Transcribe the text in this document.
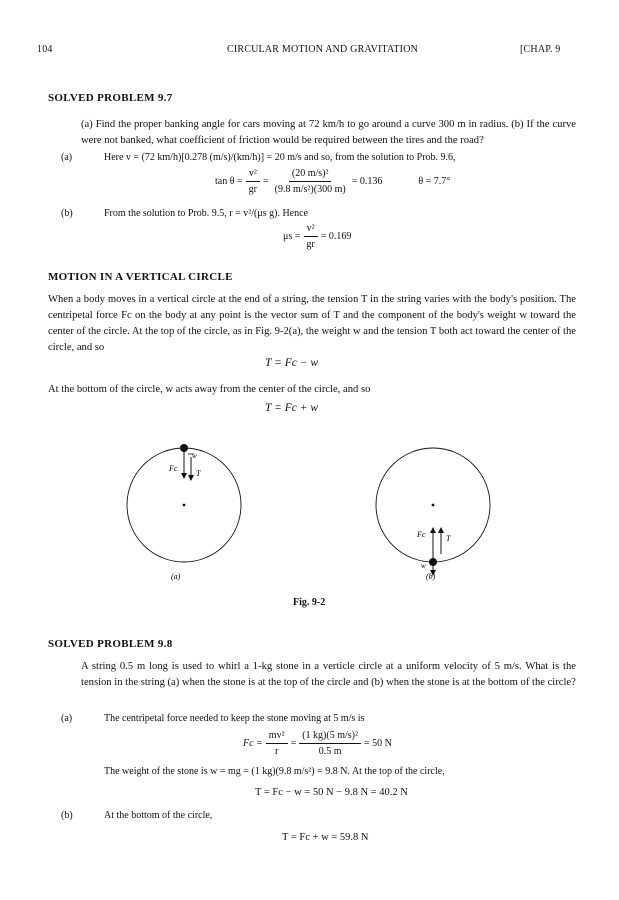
104	CIRCULAR MOTION AND GRAVITATION	[CHAP. 9
SOLVED PROBLEM 9.7
(a) Find the proper banking angle for cars moving at 72 km/h to go around a curve 300 m in radius. (b) If the curve were not banked, what coefficient of friction would be required between the tires and the road?
(a)	Here v = (72 km/h)[0.278 (m/s)/(km/h)] = 20 m/s and so, from the solution to Prob. 9.6,
$\tan \theta = \frac{\text{v²}}{gr} = \frac{\text{(20 m/s)²}}{\text{(9.8 m/s²)(300 m)}} = 0.136$	θ = 7.7°
(b)	From the solution to Prob. 9.5, r = v²/(μs g). Hence
$\mu s = \frac{\text{v²}}{gr} = 0.169$
MOTION IN A VERTICAL CIRCLE
When a body moves in a vertical circle at the end of a string, the tension T in the string varies with the body's position. The centripetal force Fc on the body at any point is the vector sum of T and the component of the body's weight w toward the center of the circle. At the top of the circle, as in Fig. 9-2(a), the weight w and the tension T both act toward the center of the circle, and so
T = Fc − w
At the bottom of the circle, w acts away from the center of the circle, and so
T = Fc + w
w
Fc
T
(a)
Fc	T
w
(b)
Fig. 9-2
SOLVED PROBLEM 9.8
A string 0.5 m long is used to whirl a 1-kg stone in a verticle circle at a uniform velocity of 5 m/s. What is the tension in the string (a) when the stone is at the top of the circle and (b) when the stone is at the bottom of the circle?
(a)	The centripetal force needed to keep the stone moving at 5 m/s is
$Fc = \frac{\text{mv²}}{r} = \frac{\text{(1 kg)(5 m/s)²}}{0.5 m} = 50$ N
The weight of the stone is w = mg = (1 kg)(9.8 m/s²) = 9.8 N. At the top of the circle,
T = Fc − w = 50 N − 9.8 N = 40.2 N
(b)	At the bottom of the circle,
T = Fc + w = 59.8 N
